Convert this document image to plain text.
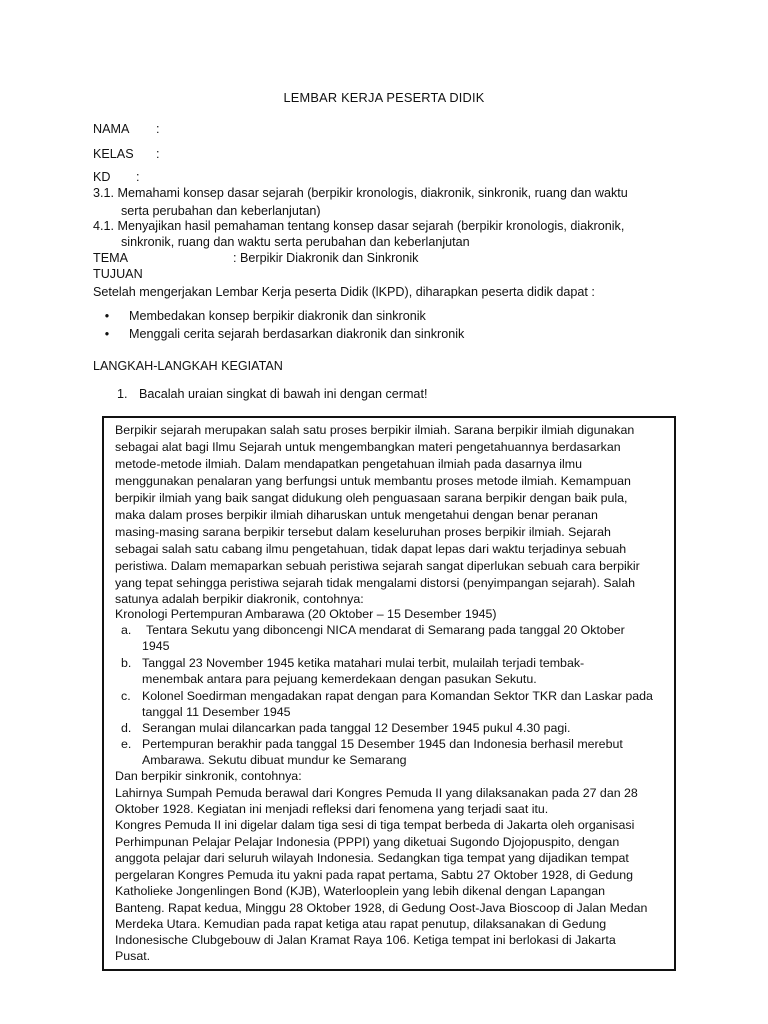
LEMBAR KERJA PESERTA DIDIK
NAMA :
KELAS :
KD :
3.1. Memahami konsep dasar sejarah (berpikir kronologis, diakronik, sinkronik, ruang dan waktu
serta perubahan dan keberlanjutan)
4.1. Menyajikan hasil pemahaman tentang konsep dasar sejarah (berpikir kronologis, diakronik,
sinkronik, ruang dan waktu serta perubahan dan keberlanjutan
TEMA	: Berpikir Diakronik dan Sinkronik
TUJUAN
Setelah mengerjakan Lembar Kerja peserta Didik (lKPD), diharapkan peserta didik dapat :
• Membedakan konsep berpikir diakronik dan sinkronik
• Menggali cerita sejarah berdasarkan diakronik dan sinkronik
LANGKAH-LANGKAH KEGIATAN
1. Bacalah uraian singkat di bawah ini dengan cermat!
Berpikir sejarah merupakan salah satu proses berpikir ilmiah. Sarana berpikir ilmiah digunakan
sebagai alat bagi Ilmu Sejarah untuk mengembangkan materi pengetahuannya berdasarkan
metode-metode ilmiah. Dalam mendapatkan pengetahuan ilmiah pada dasarnya ilmu
menggunakan penalaran yang berfungsi untuk membantu proses metode ilmiah. Kemampuan
berpikir ilmiah yang baik sangat didukung oleh penguasaan sarana berpikir dengan baik pula,
maka dalam proses berpikir ilmiah diharuskan untuk mengetahui dengan benar peranan
masing-masing sarana berpikir tersebut dalam keseluruhan proses berpikir ilmiah. Sejarah
sebagai salah satu cabang ilmu pengetahuan, tidak dapat lepas dari waktu terjadinya sebuah
peristiwa. Dalam memaparkan sebuah peristiwa sejarah sangat diperlukan sebuah cara berpikir
yang tepat sehingga peristiwa sejarah tidak mengalami distorsi (penyimpangan sejarah). Salah
satunya adalah berpikir diakronik, contohnya:
Kronologi Pertempuran Ambarawa (20 Oktober – 15 Desember 1945)
a. Tentara Sekutu yang diboncengi NICA mendarat di Semarang pada tanggal 20 Oktober
1945
b. Tanggal 23 November 1945 ketika matahari mulai terbit, mulailah terjadi tembak-
menembak antara para pejuang kemerdekaan dengan pasukan Sekutu.
c. Kolonel Soedirman mengadakan rapat dengan para Komandan Sektor TKR dan Laskar pada
tanggal 11 Desember 1945
d. Serangan mulai dilancarkan pada tanggal 12 Desember 1945 pukul 4.30 pagi.
e. Pertempuran berakhir pada tanggal 15 Desember 1945 dan Indonesia berhasil merebut
Ambarawa. Sekutu dibuat mundur ke Semarang
Dan berpikir sinkronik, contohnya:
Lahirnya Sumpah Pemuda berawal dari Kongres Pemuda II yang dilaksanakan pada 27 dan 28
Oktober 1928. Kegiatan ini menjadi refleksi dari fenomena yang terjadi saat itu.
Kongres Pemuda II ini digelar dalam tiga sesi di tiga tempat berbeda di Jakarta oleh organisasi
Perhimpunan Pelajar Pelajar Indonesia (PPPI) yang diketuai Sugondo Djojopuspito, dengan
anggota pelajar dari seluruh wilayah Indonesia. Sedangkan tiga tempat yang dijadikan tempat
pergelaran Kongres Pemuda itu yakni pada rapat pertama, Sabtu 27 Oktober 1928, di Gedung
Katholieke Jongenlingen Bond (KJB), Waterlooplein yang lebih dikenal dengan Lapangan
Banteng. Rapat kedua, Minggu 28 Oktober 1928, di Gedung Oost-Java Bioscoop di Jalan Medan
Merdeka Utara. Kemudian pada rapat ketiga atau rapat penutup, dilaksanakan di Gedung
Indonesische Clubgebouw di Jalan Kramat Raya 106. Ketiga tempat ini berlokasi di Jakarta
Pusat.
